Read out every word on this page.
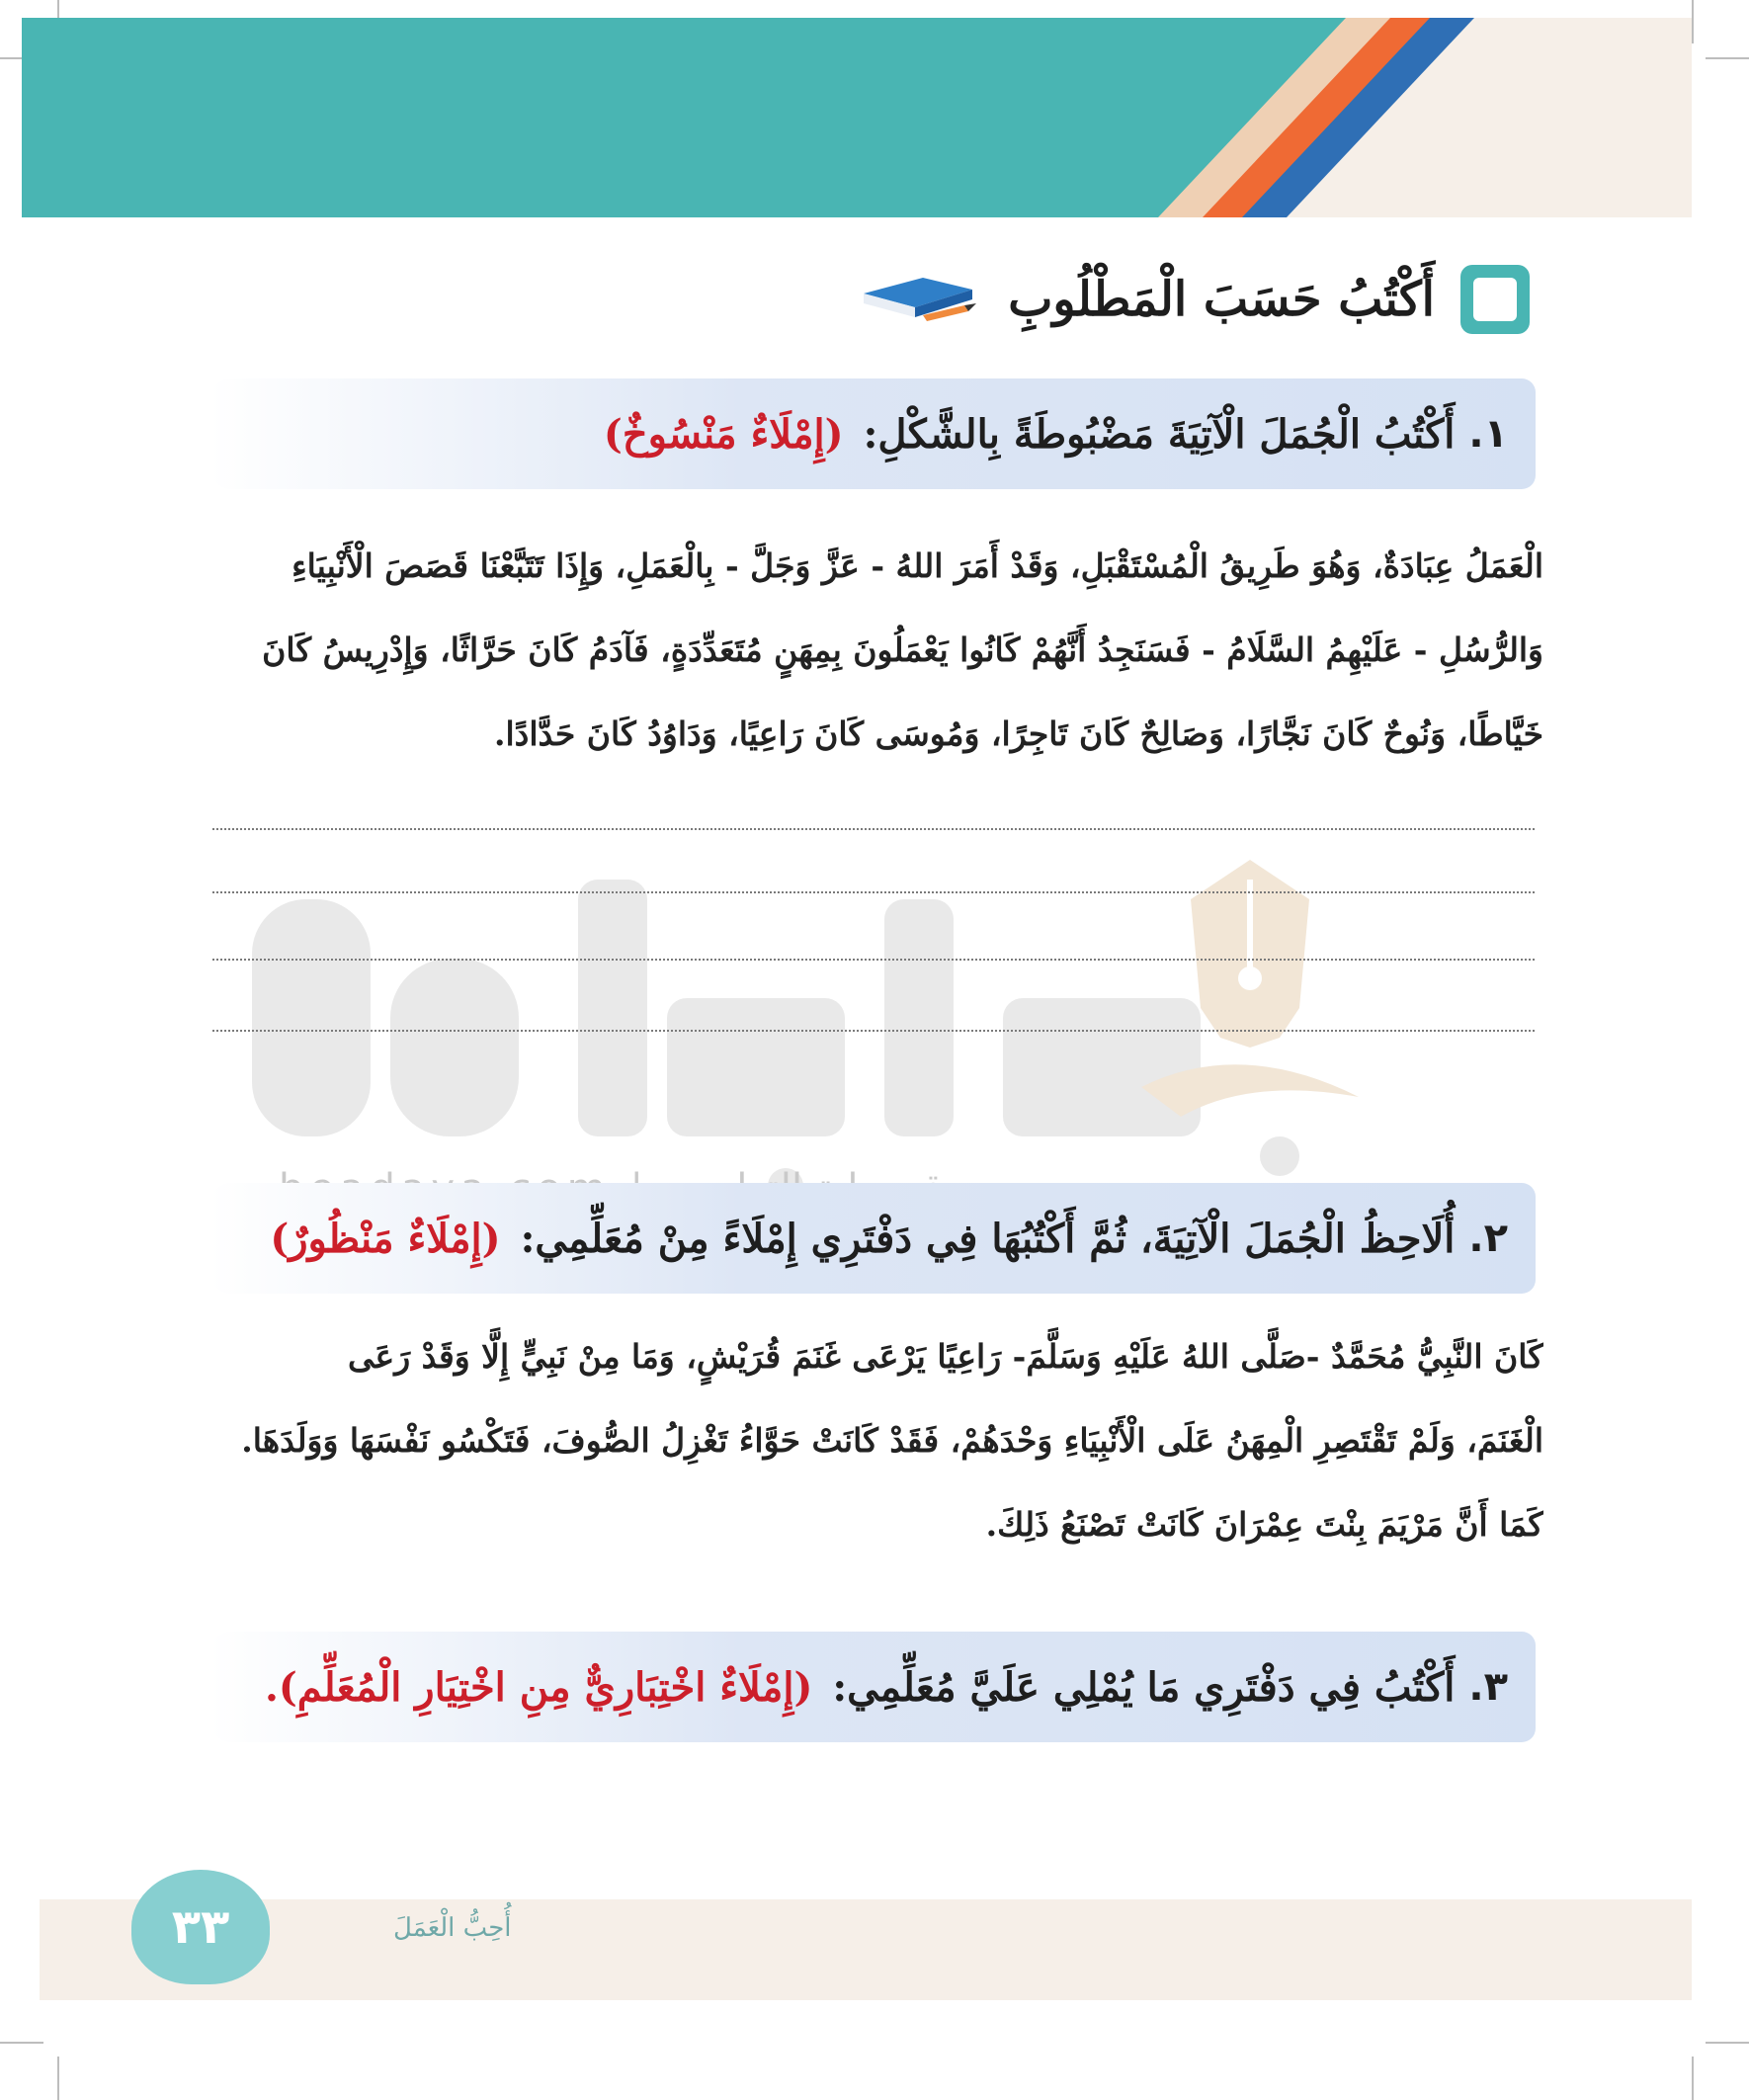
أَكْتُبُ حَسَبَ الْمَطْلُوبِ
١.
أَكْتُبُ الْجُمَلَ الْآتِيَةَ مَضْبُوطَةً بِالشَّكْلِ:
(إِمْلَاءٌ مَنْسُوخٌ)
الْعَمَلُ عِبَادَةٌ، وَهُوَ طَرِيقُ الْمُسْتَقْبَلِ، وَقَدْ أَمَرَ اللهُ - عَزَّ وَجَلَّ - بِالْعَمَلِ، وَإِذَا تَتَبَّعْنَا قَصَصَ الْأَنْبِيَاءِ
وَالرُّسُلِ - عَلَيْهِمُ السَّلَامُ - فَسَنَجِدُ أَنَّهُمْ كَانُوا يَعْمَلُونَ بِمِهَنٍ مُتَعَدِّدَةٍ، فَآدَمُ كَانَ حَرَّاثًا، وَإِدْرِيسُ كَانَ
خَيَّاطًا، وَنُوحٌ كَانَ نَجَّارًا، وَصَالِحٌ كَانَ تَاجِرًا، وَمُوسَى كَانَ رَاعِيًا، وَدَاوُدُ كَانَ حَدَّادًا.
٢.
أُلَاحِظُ الْجُمَلَ الْآتِيَةَ، ثُمَّ أَكْتُبُهَا فِي دَفْتَرِي إِمْلَاءً مِنْ مُعَلِّمِي:
(إِمْلَاءٌ مَنْظُورٌ)
كَانَ النَّبِيُّ مُحَمَّدٌ -صَلَّى اللهُ عَلَيْهِ وَسَلَّمَ- رَاعِيًا يَرْعَى غَنَمَ قُرَيْشٍ، وَمَا مِنْ نَبِيٍّ إِلَّا وَقَدْ رَعَى
الْغَنَمَ، وَلَمْ تَقْتَصِرِ الْمِهَنُ عَلَى الْأَنْبِيَاءِ وَحْدَهُمْ، فَقَدْ كَانَتْ حَوَّاءُ تَغْزِلُ الصُّوفَ، فَتَكْسُو نَفْسَهَا وَوَلَدَهَا.
كَمَا أَنَّ مَرْيَمَ بِنْتَ عِمْرَانَ كَانَتْ تَصْنَعُ ذَلِكَ.
٣.
أَكْتُبُ فِي دَفْتَرِي مَا يُمْلِي عَلَيَّ مُعَلِّمِي:
(إِمْلَاءٌ اخْتِبَارِيٌّ مِنِ اخْتِيَارِ الْمُعَلِّمِ).
٣٣	أُحِبُّ الْعَمَلَ
